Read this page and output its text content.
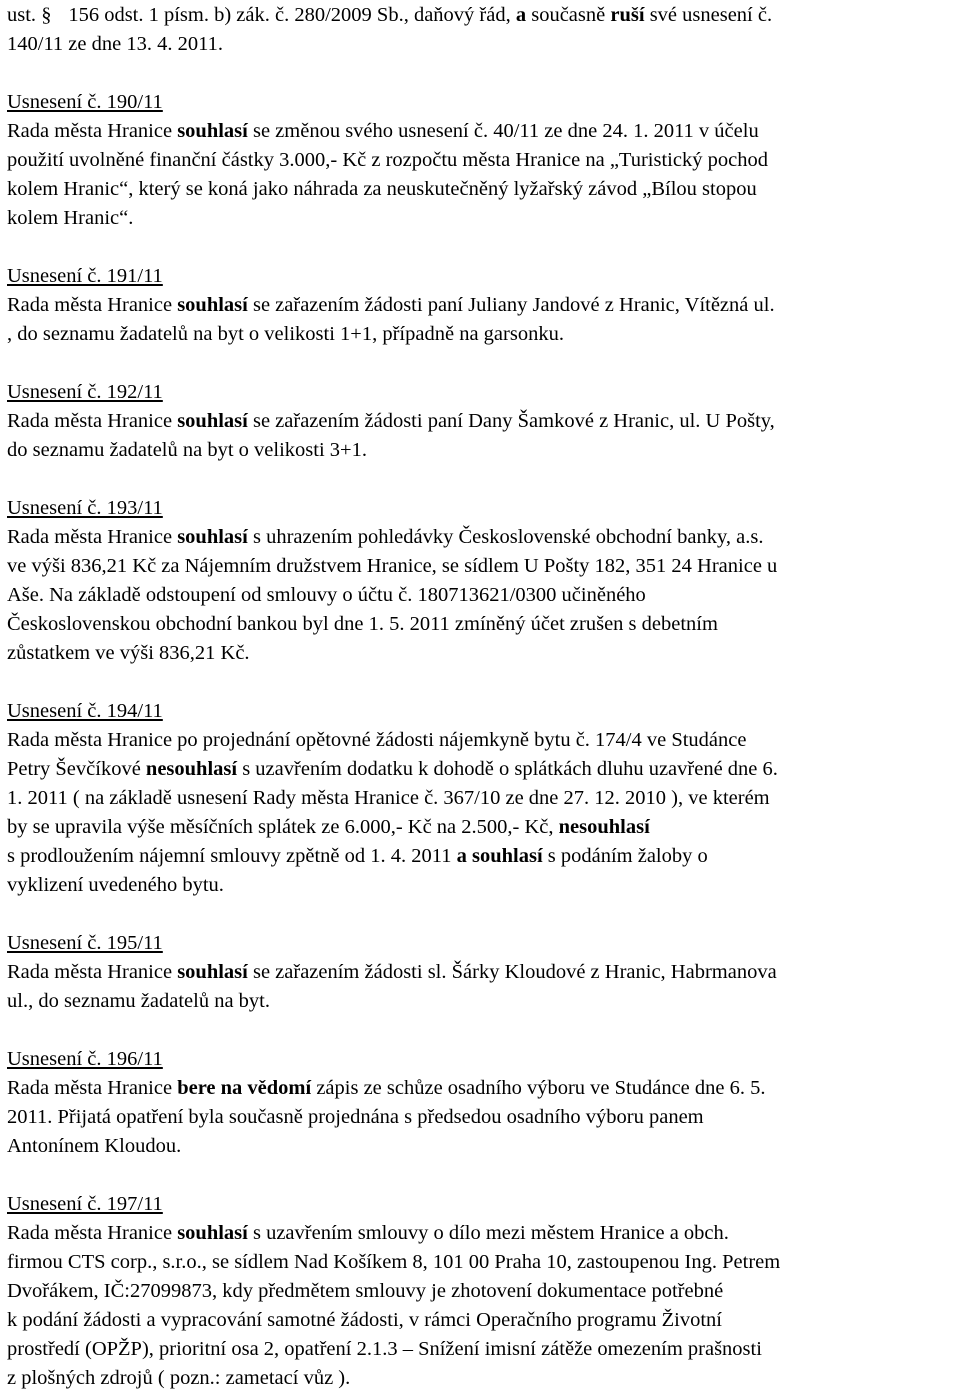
ust. § 156 odst. 1 písm. b) zák. č. 280/2009 Sb., daňový řád, a současně ruší své usnesení č.
140/11 ze dne 13. 4. 2011.
Usnesení č. 190/11
Rada města Hranice souhlasí se změnou svého usnesení č. 40/11 ze dne 24. 1. 2011 v účelu
použití uvolněné finanční částky 3.000,- Kč z rozpočtu města Hranice na „Turistický pochod
kolem Hranic“, který se koná jako náhrada za neuskutečněný lyžařský závod „Bílou stopou
kolem Hranic“.
Usnesení č. 191/11
Rada města Hranice souhlasí se zařazením žádosti paní Juliany Jandové z Hranic, Vítězná ul.
, do seznamu žadatelů na byt o velikosti 1+1, případně na garsonku.
Usnesení č. 192/11
Rada města Hranice souhlasí se zařazením žádosti paní Dany Šamkové z Hranic, ul. U Pošty,
do seznamu žadatelů na byt o velikosti 3+1.
Usnesení č. 193/11
Rada města Hranice souhlasí s uhrazením pohledávky Československé obchodní banky, a.s.
ve výši 836,21 Kč za Nájemním družstvem Hranice, se sídlem U Pošty 182, 351 24 Hranice u
Aše. Na základě odstoupení od smlouvy o účtu č. 180713621/0300 učiněného
Československou obchodní bankou byl dne 1. 5. 2011 zmíněný účet zrušen s debetním
zůstatkem ve výši 836,21 Kč.
Usnesení č. 194/11
Rada města Hranice po projednání opětovné žádosti nájemkyně bytu č. 174/4 ve Studánce
Petry Ševčíkové nesouhlasí s uzavřením dodatku k dohodě o splátkách dluhu uzavřené dne 6.
1. 2011 ( na základě usnesení Rady města Hranice č. 367/10 ze dne 27. 12. 2010 ), ve kterém
by se upravila výše měsíčních splátek ze 6.000,- Kč na 2.500,- Kč, nesouhlasí
s prodloužením nájemní smlouvy zpětně od 1. 4. 2011 a souhlasí s podáním žaloby o
vyklizení uvedeného bytu.
Usnesení č. 195/11
Rada města Hranice souhlasí se zařazením žádosti sl. Šárky Kloudové z Hranic, Habrmanova
ul., do seznamu žadatelů na byt.
Usnesení č. 196/11
Rada města Hranice bere na vědomí zápis ze schůze osadního výboru ve Studánce dne 6. 5.
2011. Přijatá opatření byla současně projednána s předsedou osadního výboru panem
Antonínem Kloudou.
Usnesení č. 197/11
Rada města Hranice souhlasí s uzavřením smlouvy o dílo mezi městem Hranice a obch.
firmou CTS corp., s.r.o., se sídlem Nad Košíkem 8, 101 00 Praha 10, zastoupenou Ing. Petrem
Dvořákem, IČ:27099873, kdy předmětem smlouvy je zhotovení dokumentace potřebné
k podání žádosti a vypracování samotné žádosti, v rámci Operačního programu Životní
prostředí (OPŽP), prioritní osa 2, opatření 2.1.3 – Snížení imisní zátěže omezením prašnosti
z plošných zdrojů ( pozn.: zametací vůz ).
